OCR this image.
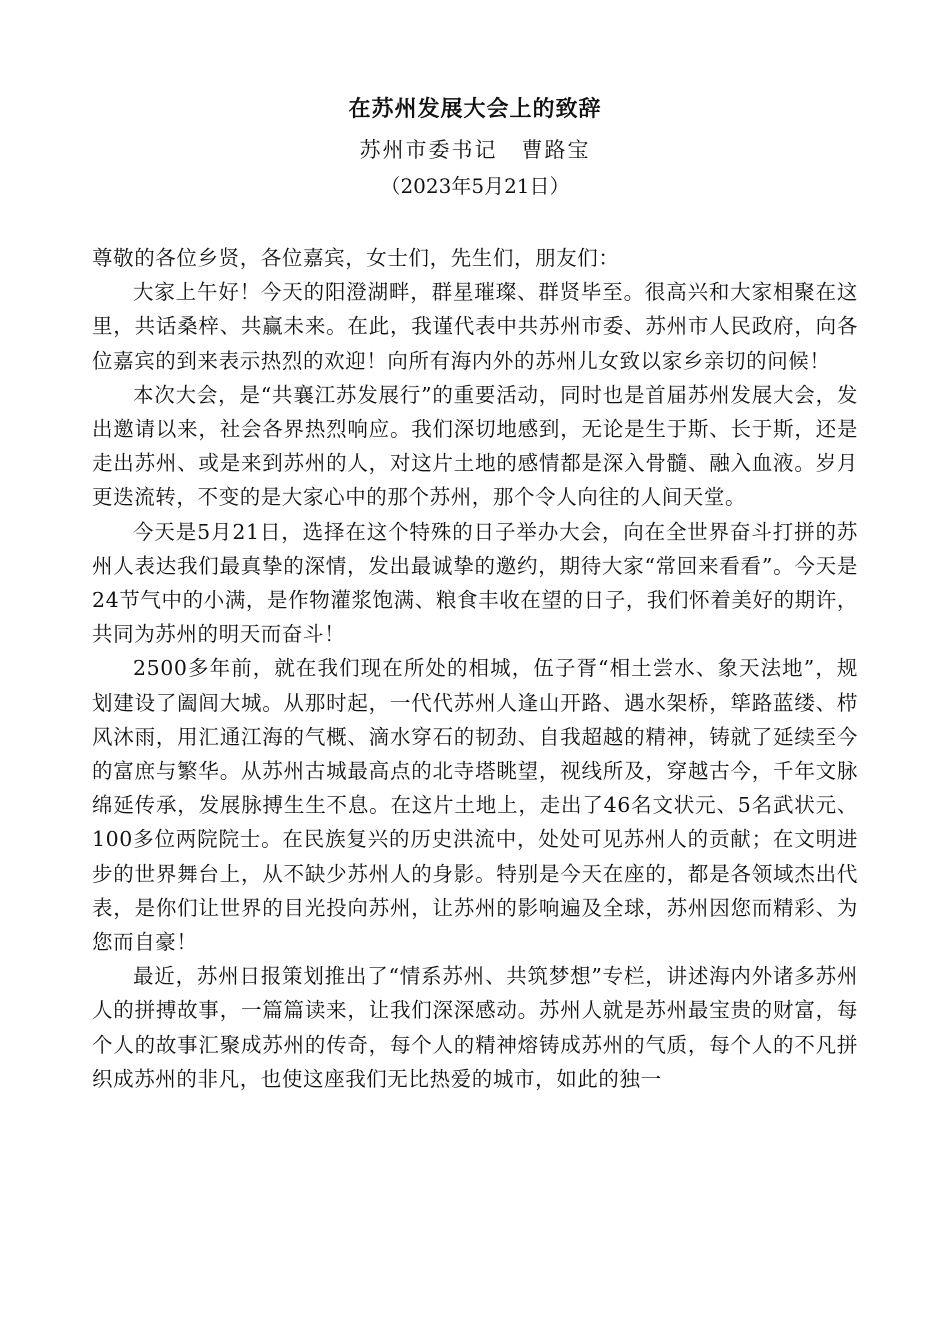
在苏州发展大会上的致辞
苏州市委书记 曹路宝
（2023年5月21日）

尊敬的各位乡贤，各位嘉宾，女士们，先生们，朋友们：

大家上午好！今天的阳澄湖畔，群星璀璨、群贤毕至。很高兴和大家相聚在这里，共话桑梓、共赢未来。在此，我谨代表中共苏州市委、苏州市人民政府，向各位嘉宾的到来表示热烈的欢迎！向所有海内外的苏州儿女致以家乡亲切的问候！

本次大会，是“共襄江苏发展行”的重要活动，同时也是首届苏州发展大会，发出邀请以来，社会各界热烈响应。我们深切地感到，无论是生于斯、长于斯，还是走出苏州、或是来到苏州的人，对这片土地的感情都是深入骨髓、融入血液。岁月更迭流转，不变的是大家心中的那个苏州，那个令人向往的人间天堂。

今天是5月21日，选择在这个特殊的日子举办大会，向在全世界奋斗打拼的苏州人表达我们最真挚的深情，发出最诚挚的邀约，期待大家“常回来看看”。今天是24节气中的小满，是作物灌浆饱满、粮食丰收在望的日子，我们怀着美好的期许，共同为苏州的明天而奋斗！

2500多年前，就在我们现在所处的相城，伍子胥“相土尝水、象天法地”，规划建设了阖闾大城。从那时起，一代代苏州人逢山开路、遇水架桥，筚路蓝缕、栉风沐雨，用汇通江海的气概、滴水穿石的韧劲、自我超越的精神，铸就了延续至今的富庶与繁华。从苏州古城最高点的北寺塔眺望，视线所及，穿越古今，千年文脉绵延传承，发展脉搏生生不息。在这片土地上，走出了46名文状元、5名武状元、100多位两院院士。在民族复兴的历史洪流中，处处可见苏州人的贡献；在文明进步的世界舞台上，从不缺少苏州人的身影。特别是今天在座的，都是各领域杰出代表，是你们让世界的目光投向苏州，让苏州的影响遍及全球，苏州因您而精彩、为您而自豪！

最近，苏州日报策划推出了“情系苏州、共筑梦想”专栏，讲述海内外诸多苏州人的拼搏故事，一篇篇读来，让我们深深感动。苏州人就是苏州最宝贵的财富，每个人的故事汇聚成苏州的传奇，每个人的精神熔铸成苏州的气质，每个人的不凡拼织成苏州的非凡，也使这座我们无比热爱的城市，如此的独一
